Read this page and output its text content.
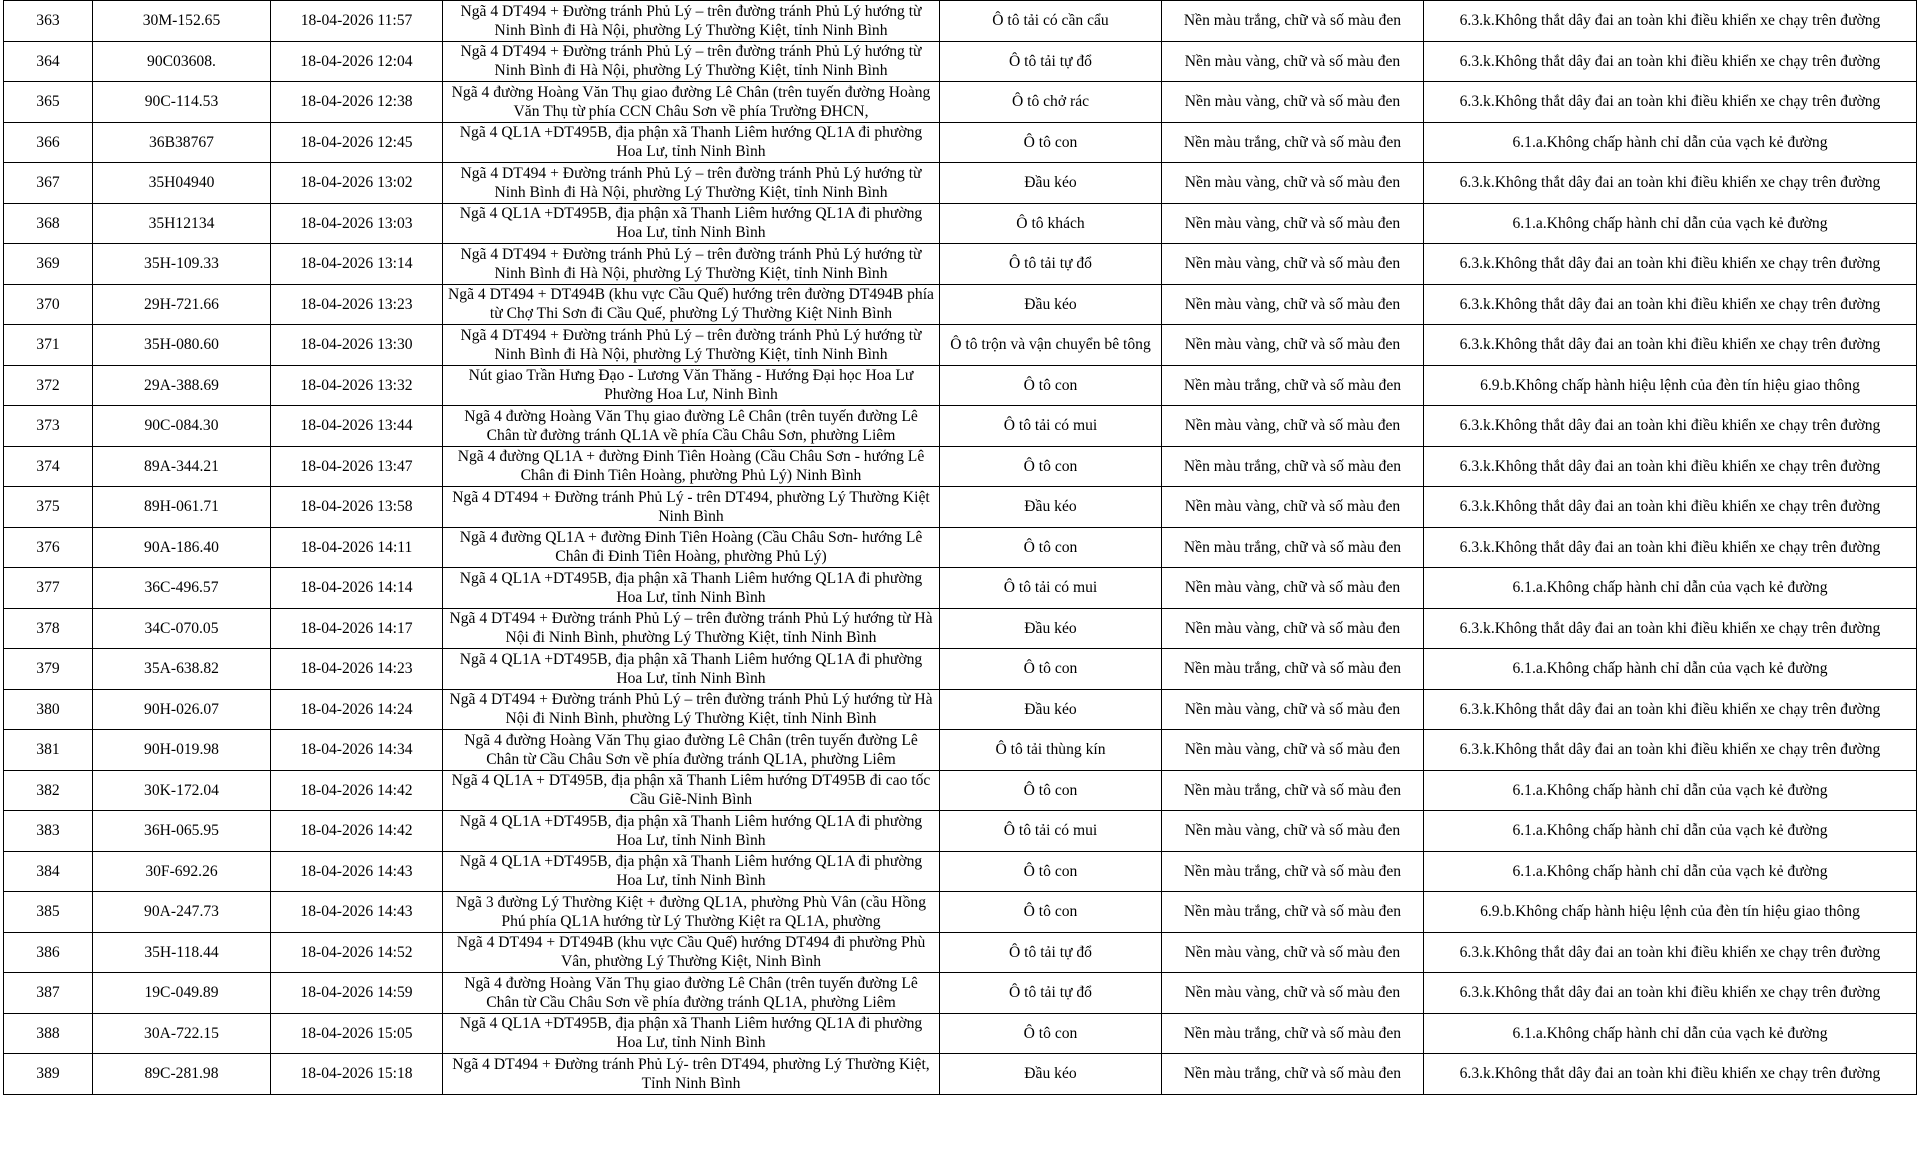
363	30M-152.65	18-04-2026 11:57	Ngã 4 DT494 + Đường tránh Phủ Lý – trên đường tránh Phủ Lý hướng từ Ninh Bình đi Hà Nội, phường Lý Thường Kiệt, tỉnh Ninh Bình	Ô tô tải có cần cẩu	Nền màu trắng, chữ và số màu đen	6.3.k.Không thắt dây đai an toàn khi điều khiển xe chạy trên đường
364	90C03608.	18-04-2026 12:04	Ngã 4 DT494 + Đường tránh Phủ Lý – trên đường tránh Phủ Lý hướng từ Ninh Bình đi Hà Nội, phường Lý Thường Kiệt, tỉnh Ninh Bình	Ô tô tải tự đổ	Nền màu vàng, chữ và số màu đen	6.3.k.Không thắt dây đai an toàn khi điều khiển xe chạy trên đường
365	90C-114.53	18-04-2026 12:38	Ngã 4 đường Hoàng Văn Thụ giao đường Lê Chân (trên tuyến đường Hoàng Văn Thụ từ phía CCN Châu Sơn về phía Trường ĐHCN,	Ô tô chở rác	Nền màu vàng, chữ và số màu đen	6.3.k.Không thắt dây đai an toàn khi điều khiển xe chạy trên đường
366	36B38767	18-04-2026 12:45	Ngã 4 QL1A +DT495B, địa phận xã Thanh Liêm hướng QL1A đi phường Hoa Lư, tỉnh Ninh Bình	Ô tô con	Nền màu trắng, chữ và số màu đen	6.1.a.Không chấp hành chỉ dẫn của vạch kẻ đường
367	35H04940	18-04-2026 13:02	Ngã 4 DT494 + Đường tránh Phủ Lý – trên đường tránh Phủ Lý hướng từ Ninh Bình đi Hà Nội, phường Lý Thường Kiệt, tỉnh Ninh Bình	Đầu kéo	Nền màu vàng, chữ và số màu đen	6.3.k.Không thắt dây đai an toàn khi điều khiển xe chạy trên đường
368	35H12134	18-04-2026 13:03	Ngã 4 QL1A +DT495B, địa phận xã Thanh Liêm hướng QL1A đi phường Hoa Lư, tỉnh Ninh Bình	Ô tô khách	Nền màu vàng, chữ và số màu đen	6.1.a.Không chấp hành chỉ dẫn của vạch kẻ đường
369	35H-109.33	18-04-2026 13:14	Ngã 4 DT494 + Đường tránh Phủ Lý – trên đường tránh Phủ Lý hướng từ Ninh Bình đi Hà Nội, phường Lý Thường Kiệt, tỉnh Ninh Bình	Ô tô tải tự đổ	Nền màu vàng, chữ và số màu đen	6.3.k.Không thắt dây đai an toàn khi điều khiển xe chạy trên đường
370	29H-721.66	18-04-2026 13:23	Ngã 4 DT494 + DT494B (khu vực Cầu Quế) hướng trên đường DT494B phía từ Chợ Thi Sơn đi Cầu Quế, phường Lý Thường Kiệt Ninh Bình	Đầu kéo	Nền màu vàng, chữ và số màu đen	6.3.k.Không thắt dây đai an toàn khi điều khiển xe chạy trên đường
371	35H-080.60	18-04-2026 13:30	Ngã 4 DT494 + Đường tránh Phủ Lý – trên đường tránh Phủ Lý hướng từ Ninh Bình đi Hà Nội, phường Lý Thường Kiệt, tỉnh Ninh Bình	Ô tô trộn và vận chuyển bê tông	Nền màu vàng, chữ và số màu đen	6.3.k.Không thắt dây đai an toàn khi điều khiển xe chạy trên đường
372	29A-388.69	18-04-2026 13:32	Nút giao Trần Hưng Đạo - Lương Văn Thăng - Hướng Đại học Hoa Lư Phường Hoa Lư, Ninh Bình	Ô tô con	Nền màu trắng, chữ và số màu đen	6.9.b.Không chấp hành hiệu lệnh của đèn tín hiệu giao thông
373	90C-084.30	18-04-2026 13:44	Ngã 4 đường Hoàng Văn Thụ giao đường Lê Chân (trên tuyến đường Lê Chân từ đường tránh QL1A về phía Cầu Châu Sơn, phường Liêm	Ô tô tải có mui	Nền màu vàng, chữ và số màu đen	6.3.k.Không thắt dây đai an toàn khi điều khiển xe chạy trên đường
374	89A-344.21	18-04-2026 13:47	Ngã 4 đường QL1A + đường Đinh Tiên Hoàng (Cầu Châu Sơn - hướng Lê Chân đi Đinh Tiên Hoàng, phường Phủ Lý) Ninh Bình	Ô tô con	Nền màu trắng, chữ và số màu đen	6.3.k.Không thắt dây đai an toàn khi điều khiển xe chạy trên đường
375	89H-061.71	18-04-2026 13:58	Ngã 4 DT494 + Đường tránh Phủ Lý - trên DT494, phường Lý Thường Kiệt Ninh Bình	Đầu kéo	Nền màu vàng, chữ và số màu đen	6.3.k.Không thắt dây đai an toàn khi điều khiển xe chạy trên đường
376	90A-186.40	18-04-2026 14:11	Ngã 4 đường QL1A + đường Đinh Tiên Hoàng (Cầu Châu Sơn- hướng Lê Chân đi Đinh Tiên Hoàng, phường Phủ Lý)	Ô tô con	Nền màu trắng, chữ và số màu đen	6.3.k.Không thắt dây đai an toàn khi điều khiển xe chạy trên đường
377	36C-496.57	18-04-2026 14:14	Ngã 4 QL1A +DT495B, địa phận xã Thanh Liêm hướng QL1A đi phường Hoa Lư, tỉnh Ninh Bình	Ô tô tải có mui	Nền màu vàng, chữ và số màu đen	6.1.a.Không chấp hành chỉ dẫn của vạch kẻ đường
378	34C-070.05	18-04-2026 14:17	Ngã 4 DT494 + Đường tránh Phủ Lý – trên đường tránh Phủ Lý hướng từ Hà Nội đi Ninh Bình, phường Lý Thường Kiệt, tỉnh Ninh Bình	Đầu kéo	Nền màu vàng, chữ và số màu đen	6.3.k.Không thắt dây đai an toàn khi điều khiển xe chạy trên đường
379	35A-638.82	18-04-2026 14:23	Ngã 4 QL1A +DT495B, địa phận xã Thanh Liêm hướng QL1A đi phường Hoa Lư, tỉnh Ninh Bình	Ô tô con	Nền màu trắng, chữ và số màu đen	6.1.a.Không chấp hành chỉ dẫn của vạch kẻ đường
380	90H-026.07	18-04-2026 14:24	Ngã 4 DT494 + Đường tránh Phủ Lý – trên đường tránh Phủ Lý hướng từ Hà Nội đi Ninh Bình, phường Lý Thường Kiệt, tỉnh Ninh Bình	Đầu kéo	Nền màu vàng, chữ và số màu đen	6.3.k.Không thắt dây đai an toàn khi điều khiển xe chạy trên đường
381	90H-019.98	18-04-2026 14:34	Ngã 4 đường Hoàng Văn Thụ giao đường Lê Chân (trên tuyến đường Lê Chân từ Cầu Châu Sơn về phía đường tránh QL1A, phường Liêm	Ô tô tải thùng kín	Nền màu vàng, chữ và số màu đen	6.3.k.Không thắt dây đai an toàn khi điều khiển xe chạy trên đường
382	30K-172.04	18-04-2026 14:42	Ngã 4 QL1A + DT495B, địa phận xã Thanh Liêm hướng DT495B đi cao tốc Cầu Giẽ-Ninh Bình	Ô tô con	Nền màu trắng, chữ và số màu đen	6.1.a.Không chấp hành chỉ dẫn của vạch kẻ đường
383	36H-065.95	18-04-2026 14:42	Ngã 4 QL1A +DT495B, địa phận xã Thanh Liêm hướng QL1A đi phường Hoa Lư, tỉnh Ninh Bình	Ô tô tải có mui	Nền màu vàng, chữ và số màu đen	6.1.a.Không chấp hành chỉ dẫn của vạch kẻ đường
384	30F-692.26	18-04-2026 14:43	Ngã 4 QL1A +DT495B, địa phận xã Thanh Liêm hướng QL1A đi phường Hoa Lư, tỉnh Ninh Bình	Ô tô con	Nền màu trắng, chữ và số màu đen	6.1.a.Không chấp hành chỉ dẫn của vạch kẻ đường
385	90A-247.73	18-04-2026 14:43	Ngã 3 đường Lý Thường Kiệt + đường QL1A, phường Phù Vân (cầu Hồng Phú phía QL1A hướng từ Lý Thường Kiệt ra QL1A, phường	Ô tô con	Nền màu trắng, chữ và số màu đen	6.9.b.Không chấp hành hiệu lệnh của đèn tín hiệu giao thông
386	35H-118.44	18-04-2026 14:52	Ngã 4 DT494 + DT494B (khu vực Cầu Quế) hướng DT494 đi phường Phù Vân, phường Lý Thường Kiệt, Ninh Bình	Ô tô tải tự đổ	Nền màu vàng, chữ và số màu đen	6.3.k.Không thắt dây đai an toàn khi điều khiển xe chạy trên đường
387	19C-049.89	18-04-2026 14:59	Ngã 4 đường Hoàng Văn Thụ giao đường Lê Chân (trên tuyến đường Lê Chân từ Cầu Châu Sơn về phía đường tránh QL1A, phường Liêm	Ô tô tải tự đổ	Nền màu vàng, chữ và số màu đen	6.3.k.Không thắt dây đai an toàn khi điều khiển xe chạy trên đường
388	30A-722.15	18-04-2026 15:05	Ngã 4 QL1A +DT495B, địa phận xã Thanh Liêm hướng QL1A đi phường Hoa Lư, tỉnh Ninh Bình	Ô tô con	Nền màu trắng, chữ và số màu đen	6.1.a.Không chấp hành chỉ dẫn của vạch kẻ đường
389	89C-281.98	18-04-2026 15:18	Ngã 4 DT494 + Đường tránh Phủ Lý- trên DT494, phường Lý Thường Kiệt, Tỉnh Ninh Bình	Đầu kéo	Nền màu trắng, chữ và số màu đen	6.3.k.Không thắt dây đai an toàn khi điều khiển xe chạy trên đường
